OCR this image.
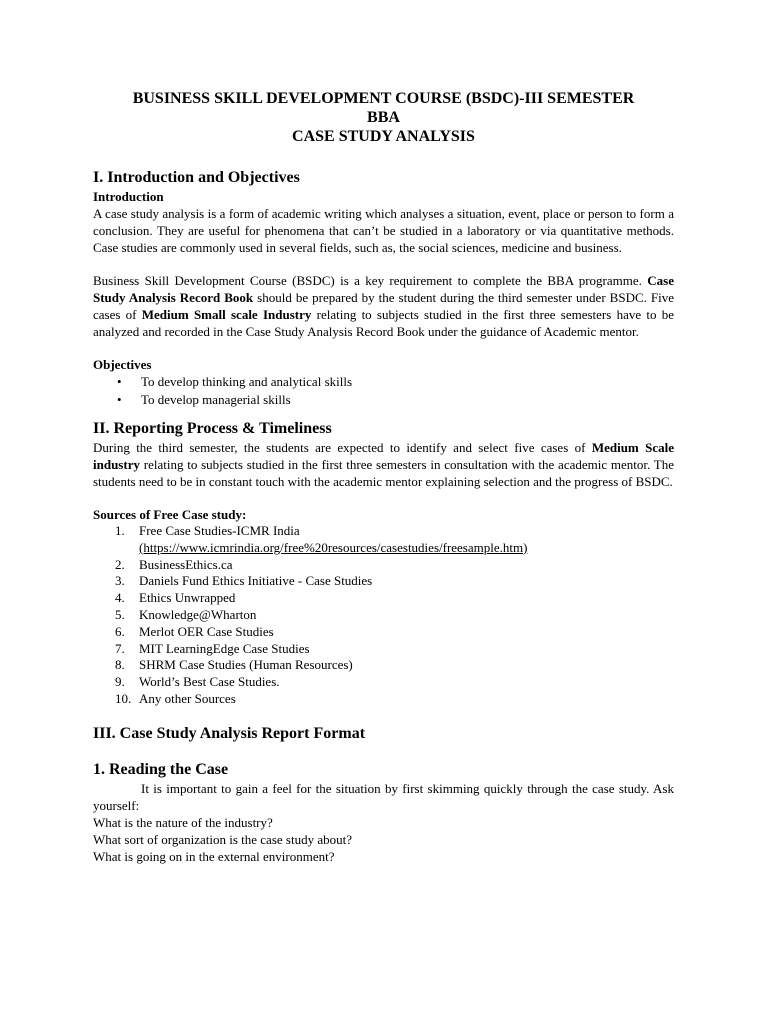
BUSINESS SKILL DEVELOPMENT COURSE (BSDC)-III SEMESTER
BBA
CASE STUDY ANALYSIS
I. Introduction and Objectives
Introduction

A case study analysis is a form of academic writing which analyses a situation, event, place or person to form a conclusion. They are useful for phenomena that can’t be studied in a laboratory or via quantitative methods. Case studies are commonly used in several fields, such as, the social sciences, medicine and business.

Business Skill Development Course (BSDC) is a key requirement to complete the BBA programme. Case Study Analysis Record Book should be prepared by the student during the third semester under BSDC. Five cases of Medium Small scale Industry relating to subjects studied in the first three semesters have to be analyzed and recorded in the Case Study Analysis Record Book under the guidance of Academic mentor.

Objectives
• To develop thinking and analytical skills
• To develop managerial skills
II. Reporting Process & Timeliness

During the third semester, the students are expected to identify and select five cases of Medium Scale industry relating to subjects studied in the first three semesters in consultation with the academic mentor. The students need to be in constant touch with the academic mentor explaining selection and the progress of BSDC.

Sources of Free Case study:
1. Free Case Studies-ICMR India
(https://www.icmrindia.org/free%20resources/casestudies/freesample.htm)
2. BusinessEthics.ca
3. Daniels Fund Ethics Initiative - Case Studies
4. Ethics Unwrapped
5. Knowledge@Wharton
6. Merlot OER Case Studies
7. MIT LearningEdge Case Studies
8. SHRM Case Studies (Human Resources)
9. World’s Best Case Studies.
10. Any other Sources
III. Case Study Analysis Report Format
1. Reading the Case

It is important to gain a feel for the situation by first skimming quickly through the case study. Ask yourself:

What is the nature of the industry?
What sort of organization is the case study about?
What is going on in the external environment?
